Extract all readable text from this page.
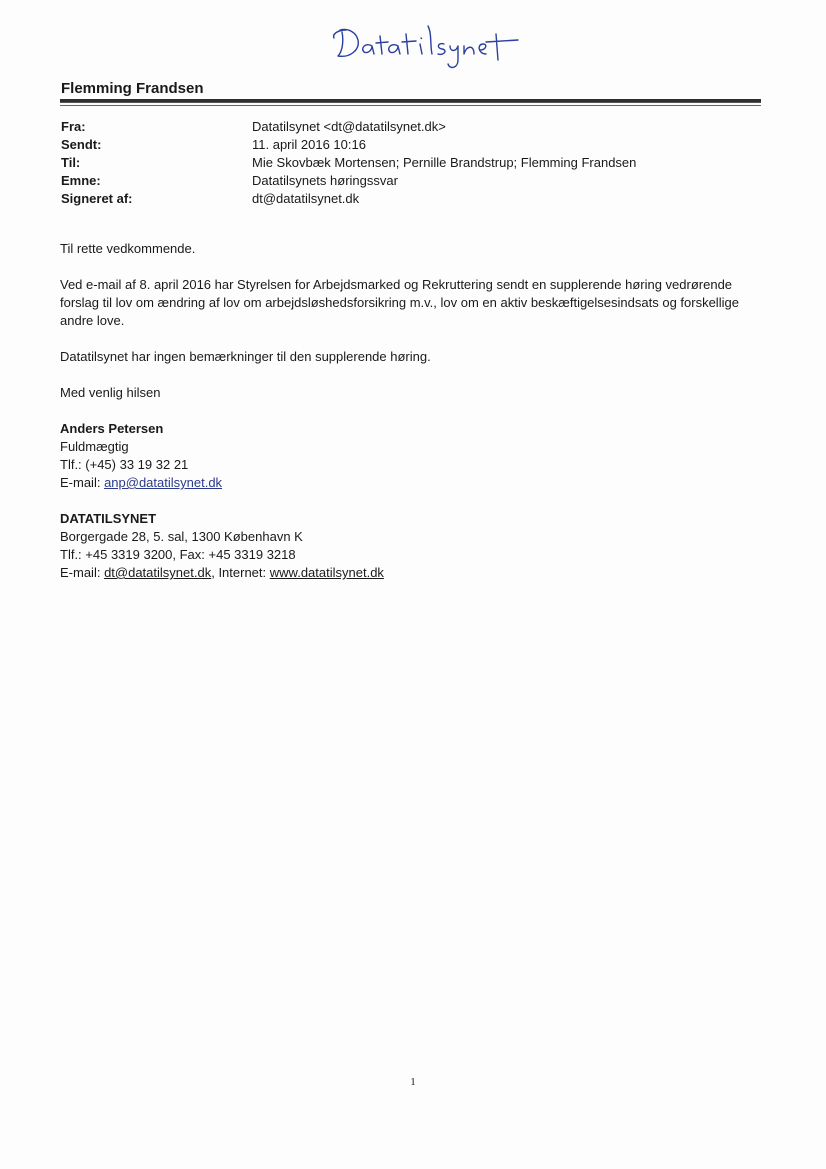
Flemming Frandsen
Fra:	Datatilsynet <dt@datatilsynet.dk>
Sendt:	11. april 2016 10:16
Til:	Mie Skovbæk Mortensen; Pernille Brandstrup; Flemming Frandsen
Emne:	Datatilsynets høringssvar
Signeret af:	dt@datatilsynet.dk

Til rette vedkommende.

Ved e-mail af 8. april 2016 har Styrelsen for Arbejdsmarked og Rekruttering sendt en supplerende høring vedrørende forslag til lov om ændring af lov om arbejdsløshedsforsikring m.v., lov om en aktiv beskæftigelsesindsats og forskellige andre love.

Datatilsynet har ingen bemærkninger til den supplerende høring.

Med venlig hilsen

Anders Petersen

Fuldmægtig

Tlf.: (+45) 33 19 32 21

E-mail: anp@datatilsynet.dk

DATATILSYNET

Borgergade 28, 5. sal, 1300 København K

Tlf.: +45 3319 3200, Fax: +45 3319 3218

E-mail: dt@datatilsynet.dk, Internet: www.datatilsynet.dk

1
